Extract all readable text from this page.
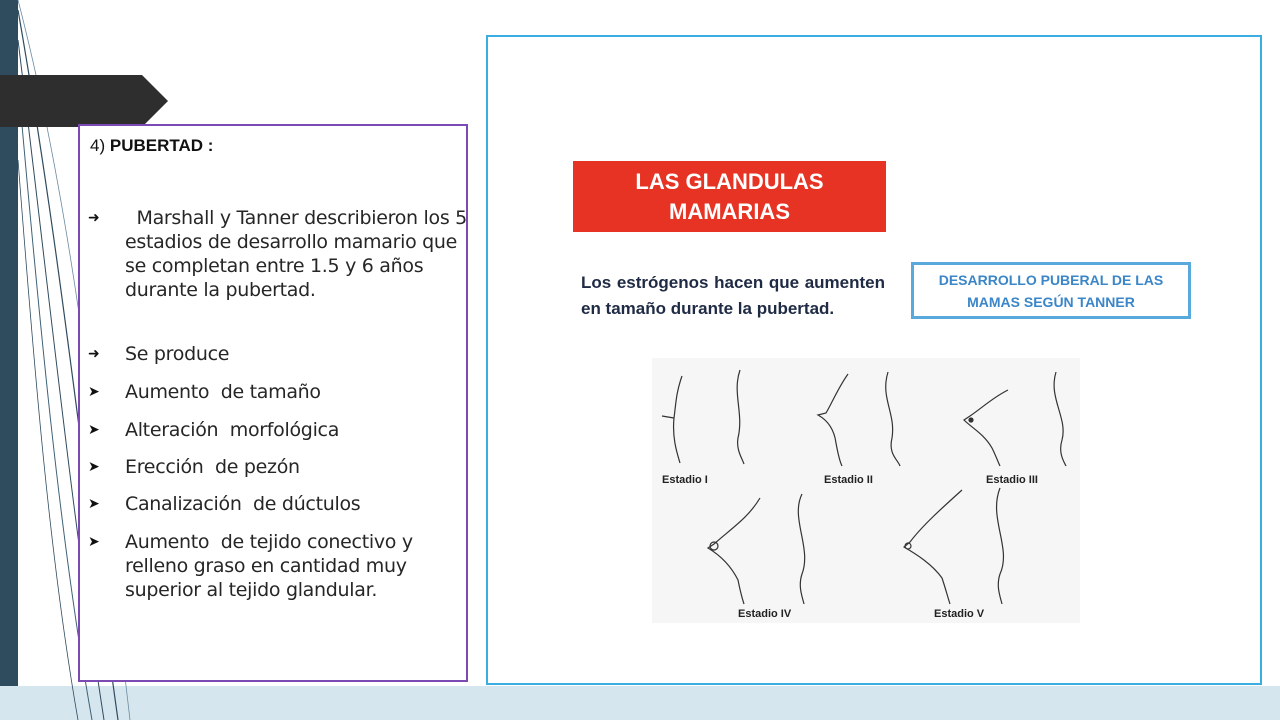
4) PUBERTAD :
➜	Marshall y Tanner describieron los 5 estadios de desarrollo mamario que se completan entre 1.5 y 6 años durante la pubertad.
➜	Se produce
➤	Aumento  de tamaño
➤	Alteración  morfológica
➤	Erección  de pezón
➤	Canalización  de dúctulos
➤	Aumento  de tejido conectivo y relleno graso en cantidad muy superior al tejido glandular.
LAS GLANDULAS
MAMARIAS
Los estrógenos hacen que aumenten en tamaño durante la pubertad.
DESARROLLO PUBERAL DE LAS
MAMAS SEGÚN TANNER
Estadio I	Estadio II	Estadio III
Estadio IV	Estadio V
